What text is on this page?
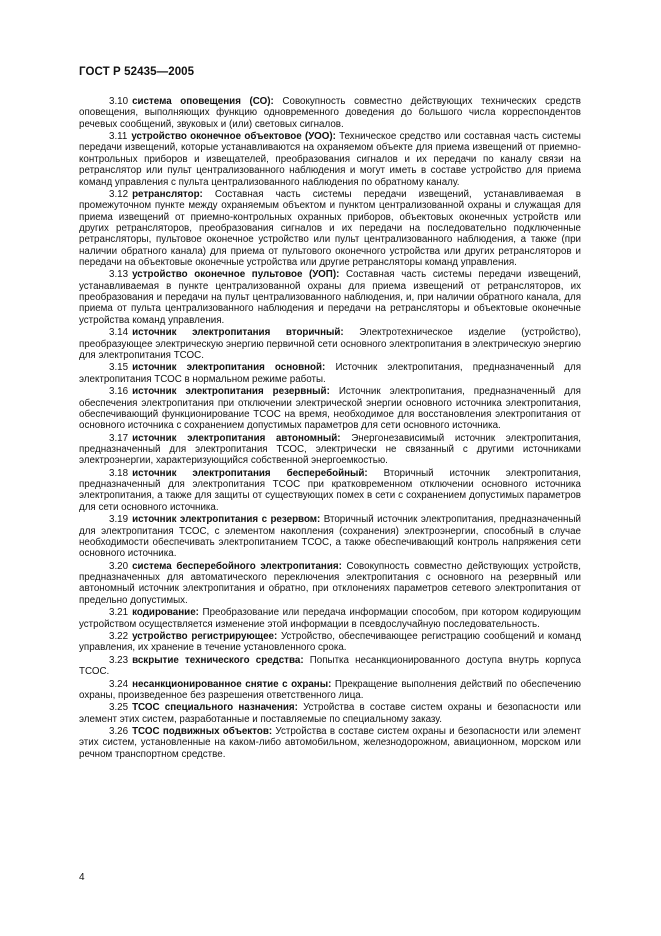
ГОСТ Р 52435—2005

3.10 система оповещения (СО): Совокупность совместно действующих технических средств оповещения, выполняющих функцию одновременного доведения до большого числа корреспондентов речевых сообщений, звуковых и (или) световых сигналов.

3.11 устройство оконечное объектовое (УОО): Техническое средство или составная часть системы передачи извещений, которые устанавливаются на охраняемом объекте для приема извещений от приемно-контрольных приборов и извещателей, преобразования сигналов и их передачи по каналу связи на ретранслятор или пульт централизованного наблюдения и могут иметь в составе устройство для приема команд управления с пульта централизованного наблюдения по обратному каналу.

3.12 ретранслятор: Составная часть системы передачи извещений, устанавливаемая в промежуточном пункте между охраняемым объектом и пунктом централизованной охраны и служащая для приема извещений от приемно-контрольных охранных приборов, объектовых оконечных устройств или других ретрансляторов, преобразования сигналов и их передачи на последовательно подключенные ретрансляторы, пультовое оконечное устройство или пульт централизованного наблюдения, а также (при наличии обратного канала) для приема от пультового оконечного устройства или других ретрансляторов и передачи на объектовые оконечные устройства или другие ретрансляторы команд управления.

3.13 устройство оконечное пультовое (УОП): Составная часть системы передачи извещений, устанавливаемая в пункте централизованной охраны для приема извещений от ретрансляторов, их преобразования и передачи на пульт централизованного наблюдения, и, при наличии обратного канала, для приема от пульта централизованного наблюдения и передачи на ретрансляторы и объектовые оконечные устройства команд управления.

3.14 источник электропитания вторичный: Электротехническое изделие (устройство), преобразующее электрическую энергию первичной сети основного электропитания в электрическую энергию для электропитания ТСОС.

3.15 источник электропитания основной: Источник электропитания, предназначенный для электропитания ТСОС в нормальном режиме работы.

3.16 источник электропитания резервный: Источник электропитания, предназначенный для обеспечения электропитания при отключении электрической энергии основного источника электропитания, обеспечивающий функционирование ТСОС на время, необходимое для восстановления электропитания от основного источника с сохранением допустимых параметров для сети основного источника.

3.17 источник электропитания автономный: Энергонезависимый источник электропитания, предназначенный для электропитания ТСОС, электрически не связанный с другими источниками электроэнергии, характеризующийся собственной энергоемкостью.

3.18 источник электропитания бесперебойный: Вторичный источник электропитания, предназначенный для электропитания ТСОС при кратковременном отключении основного источника электропитания, а также для защиты от существующих помех в сети с сохранением допустимых параметров для сети основного источника.

3.19 источник электропитания с резервом: Вторичный источник электропитания, предназначенный для электропитания ТСОС, с элементом накопления (сохранения) электроэнергии, способный в случае необходимости обеспечивать электропитанием ТСОС, а также обеспечивающий контроль напряжения сети основного источника.

3.20 система бесперебойного электропитания: Совокупность совместно действующих устройств, предназначенных для автоматического переключения электропитания с основного на резервный или автономный источник электропитания и обратно, при отклонениях параметров сетевого электропитания от предельно допустимых.

3.21 кодирование: Преобразование или передача информации способом, при котором кодирующим устройством осуществляется изменение этой информации в псевдослучайную последовательность.

3.22 устройство регистрирующее: Устройство, обеспечивающее регистрацию сообщений и команд управления, их хранение в течение установленного срока.

3.23 вскрытие технического средства: Попытка несанкционированного доступа внутрь корпуса ТСОС.

3.24 несанкционированное снятие с охраны: Прекращение выполнения действий по обеспечению охраны, произведенное без разрешения ответственного лица.

3.25 ТСОС специального назначения: Устройства в составе систем охраны и безопасности или элемент этих систем, разработанные и поставляемые по специальному заказу.

3.26 ТСОС подвижных объектов: Устройства в составе систем охраны и безопасности или элемент этих систем, установленные на каком-либо автомобильном, железнодорожном, авиационном, морском или речном транспортном средстве.

4
